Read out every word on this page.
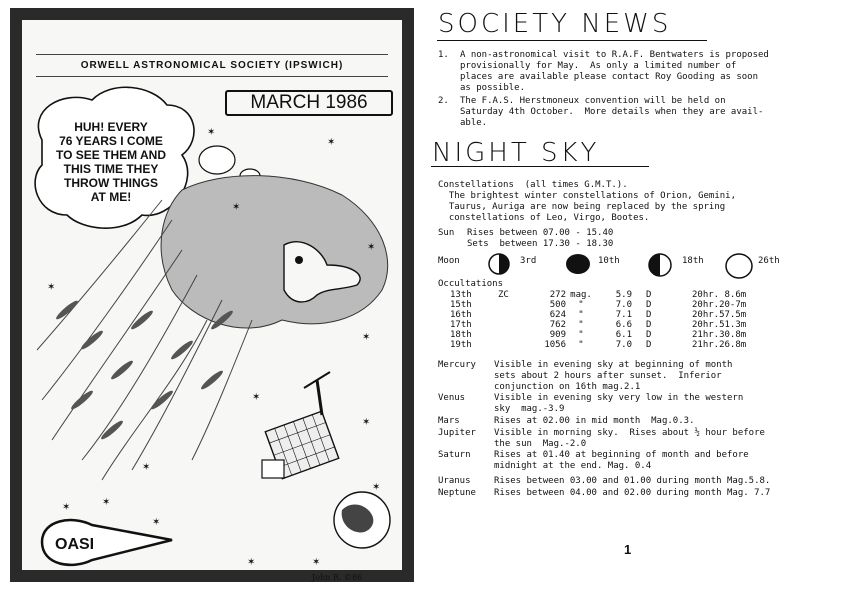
ORWELL ASTRONOMICAL SOCIETY (IPSWICH)
MARCH 1986
✶
✶
✶
✶
✶
✶
✶
✶
✶
✶
✶
✶
✶
✶
✶
HUH! EVERY
76 YEARS I COME
TO SEE THEM AND
THIS TIME THEY
THROW THINGS
AT ME!
OASI
John R. ©86
SOCIETY NEWS
1. A non-astronomical visit to R.A.F. Bentwaters is proposed
provisionally for May.  As only a limited number of
places are available please contact Roy Gooding as soon
as possible.
2. The F.A.S. Herstmoneux convention will be held on
Saturday 4th October.  More details when they are avail-
able.
NIGHT SKY
Constellations  (all times G.M.T.).
The brightest winter constellations of Orion, Gemini,
Taurus, Auriga are now being replaced by the spring
constellations of Leo, Virgo, Bootes.
Sun Rises between 07.00 - 15.40
Sets  between 17.30 - 18.30
Moon	3rd	10th	18th	26th
Occultations
13th	ZC	272	mag.	5.9	D	20hr. 8.6m
15th		500	"	7.0	D	20hr.20-7m
16th		624	"	7.1	D	20hr.57.5m
17th		762	"	6.6	D	20hr.51.3m
18th		909	"	6.1	D	21hr.30.8m
19th		1056	"	7.0	D	21hr.26.8m
Mercury Visible in evening sky at beginning of month
sets about 2 hours after sunset.  Inferior
conjunction on 16th mag.2.1
Venus	Visible in evening sky very low in the western
sky  mag.-3.9
Mars	Rises at 02.00 in mid month  Mag.0.3.
Jupiter Visible in morning sky.  Rises about ½ hour before
the sun  Mag.-2.0
Saturn	Rises at 01.40 at beginning of month and before
midnight at the end. Mag. 0.4
Uranus	Rises between 03.00 and 01.00 during month Mag.5.8.
Neptune Rises between 04.00 and 02.00 during month Mag. 7.7
1
